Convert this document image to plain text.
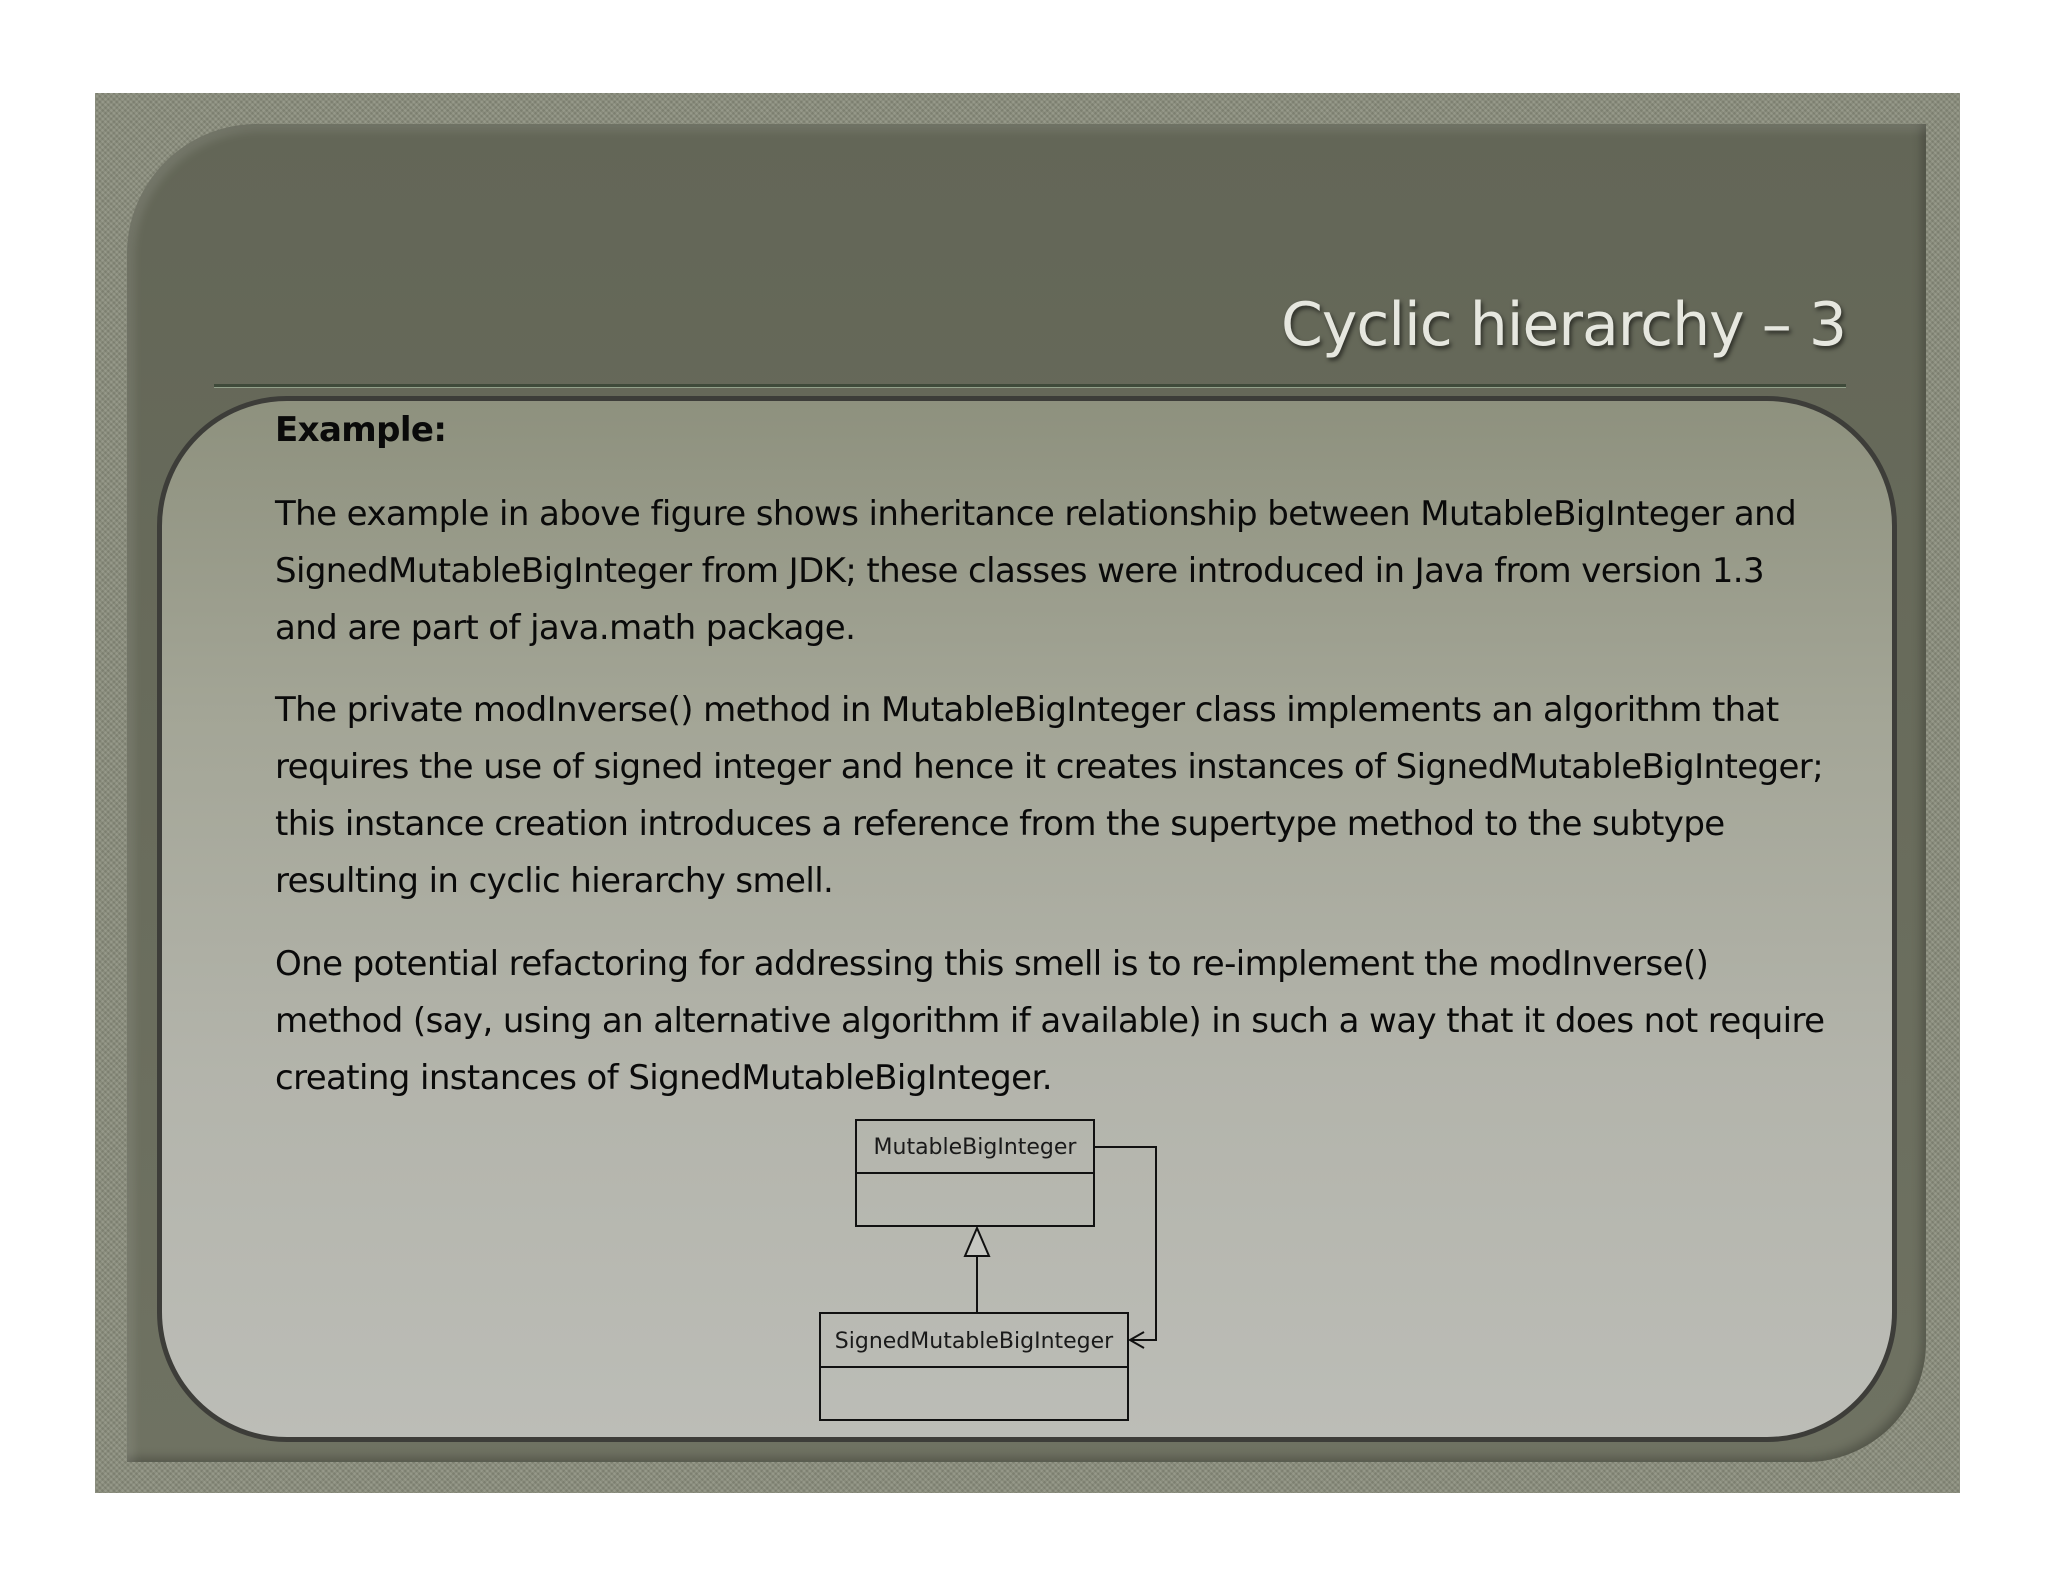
Cyclic hierarchy – 3

Example:

The example in above figure shows inheritance relationship between MutableBigInteger and SignedMutableBigInteger from JDK; these classes were introduced in Java from version 1.3 and are part of java.math package.

The private modInverse() method in MutableBigInteger class implements an algorithm that requires the use of signed integer and hence it creates instances of SignedMutableBigInteger; this instance creation introduces a reference from the supertype method to the subtype resulting in cyclic hierarchy smell.

One potential refactoring for addressing this smell is to re-implement the modInverse() method (say, using an alternative algorithm if available) in such a way that it does not require creating instances of SignedMutableBigInteger.

MutableBigInteger
SignedMutableBigInteger
